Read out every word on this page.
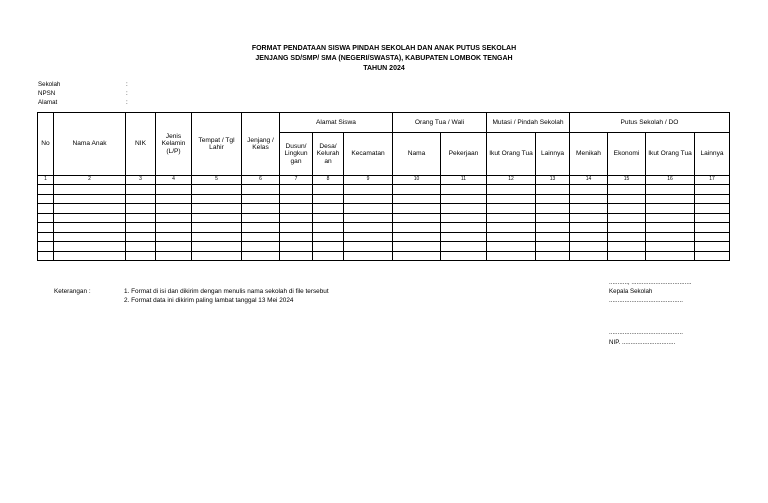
FORMAT PENDATAAN SISWA PINDAH SEKOLAH DAN ANAK PUTUS SEKOLAH
JENJANG SD/SMP/ SMA (NEGERI/SWASTA), KABUPATEN LOMBOK TENGAH
TAHUN 2024
Sekolah	:
NPSN	:
Alamat	:
No	Nama Anak	NIK	Jenis Kelamin (L/P)	Tempat / Tgl Lahir	Jenjang / Kelas	Alamat Siswa			Orang Tua / Wali		Mutasi / Pindah Sekolah		Putus Sekolah / DO			
						Dusun/ Lingkun gan	Desa/ Kelurah an	Kecamatan	Nama	Pekerjaan	Ikut Orang Tua	Lainnya	Menikah	Ekonomi	Ikut Orang Tua	Lainnya
1	2	3	4	5	6	7	8	9	10	11	12	13	14	15	16	17

Keterangan :	1. Format di isi dan dikirim dengan menulis nama sekolah di file tersebut
2. Format data ini dikirim paling lambat tanggal 13 Mei 2024
..........., ...................................
Kepala Sekolah
...........................................
...........................................
NIP. ...............................
